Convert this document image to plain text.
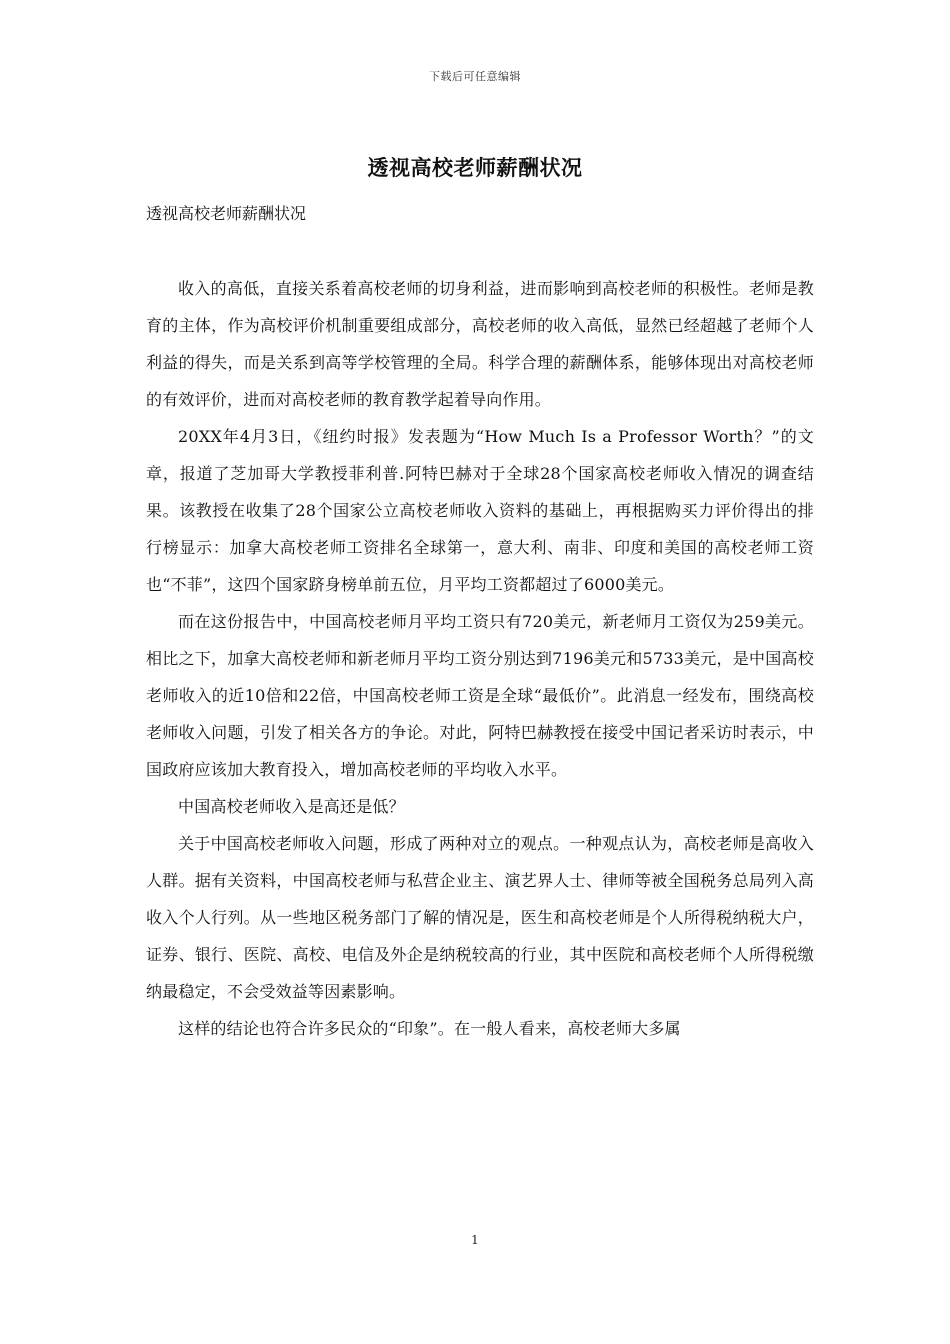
下载后可任意编辑
透视高校老师薪酬状况

透视高校老师薪酬状况

收入的高低，直接关系着高校老师的切身利益，进而影响到高校老师的积极性。老师是教育的主体，作为高校评价机制重要组成部分，高校老师的收入高低，显然已经超越了老师个人利益的得失，而是关系到高等学校管理的全局。科学合理的薪酬体系，能够体现出对高校老师的有效评价，进而对高校老师的教育教学起着导向作用。

20XX年4月3日，《纽约时报》发表题为“How Much Is a Professor Worth？”的文章，报道了芝加哥大学教授菲利普.阿特巴赫对于全球28个国家高校老师收入情况的调查结果。该教授在收集了28个国家公立高校老师收入资料的基础上，再根据购买力评价得出的排行榜显示：加拿大高校老师工资排名全球第一，意大利、南非、印度和美国的高校老师工资也“不菲”，这四个国家跻身榜单前五位，月平均工资都超过了6000美元。

而在这份报告中，中国高校老师月平均工资只有720美元，新老师月工资仅为259美元。相比之下，加拿大高校老师和新老师月平均工资分别达到7196美元和5733美元，是中国高校老师收入的近10倍和22倍，中国高校老师工资是全球“最低价”。此消息一经发布，围绕高校老师收入问题，引发了相关各方的争论。对此，阿特巴赫教授在接受中国记者采访时表示，中国政府应该加大教育投入，增加高校老师的平均收入水平。

中国高校老师收入是高还是低？

关于中国高校老师收入问题，形成了两种对立的观点。一种观点认为，高校老师是高收入人群。据有关资料，中国高校老师与私营企业主、演艺界人士、律师等被全国税务总局列入高收入个人行列。从一些地区税务部门了解的情况是，医生和高校老师是个人所得税纳税大户，证券、银行、医院、高校、电信及外企是纳税较高的行业，其中医院和高校老师个人所得税缴纳最稳定，不会受效益等因素影响。

这样的结论也符合许多民众的“印象”。在一般人看来，高校老师大多属

1
